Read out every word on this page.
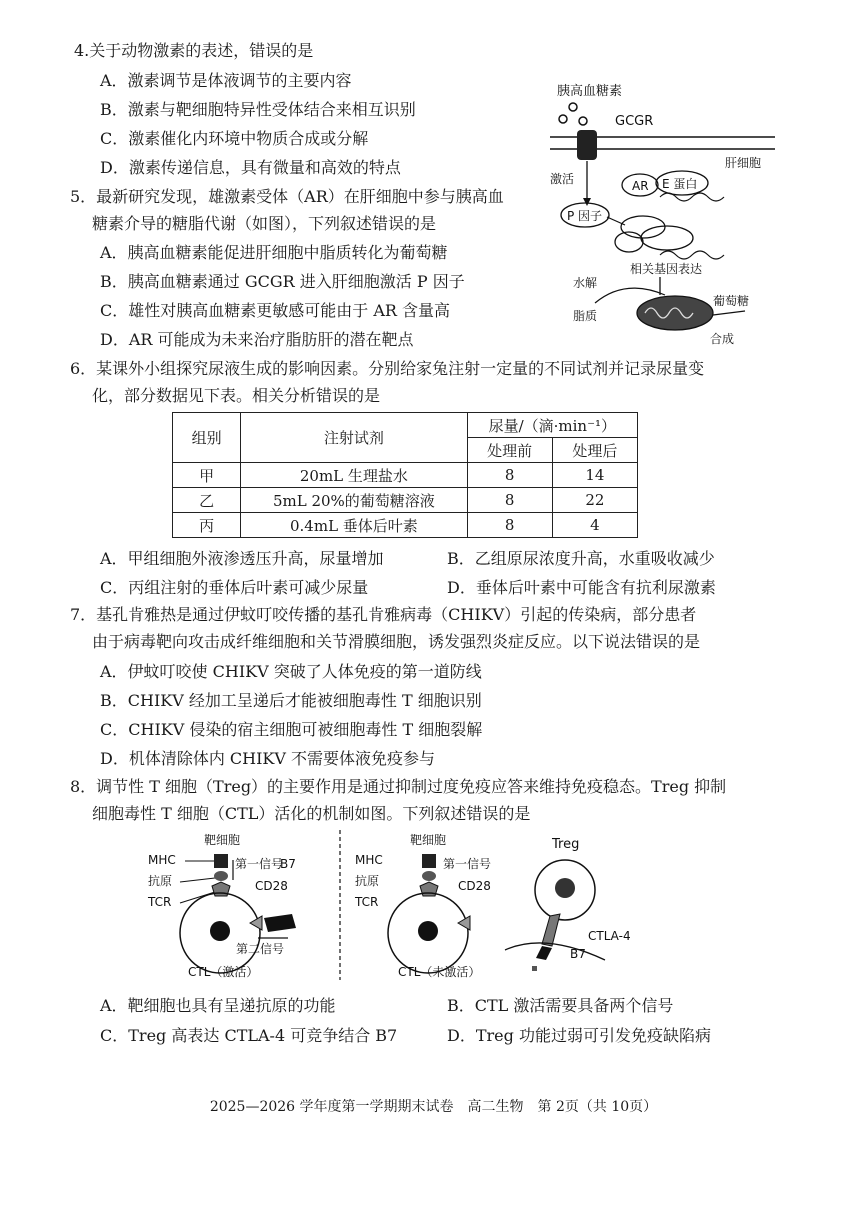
4.关于动物激素的表述，错误的是
A．激素调节是体液调节的主要内容
B．激素与靶细胞特异性受体结合来相互识别
C．激素催化内环境中物质合成或分解
D．激素传递信息，具有微量和高效的特点
5．最新研究发现，雄激素受体（AR）在肝细胞中参与胰高血
糖素介导的糖脂代谢（如图），下列叙述错误的是
A．胰高血糖素能促进肝细胞中脂质转化为葡萄糖
B．胰高血糖素通过 GCGR 进入肝细胞激活 P 因子
C．雄性对胰高血糖素更敏感可能由于 AR 含量高
D．AR 可能成为未来治疗脂肪肝的潜在靶点
胰高血糖素
GCGR
肝细胞
激活	AR E 蛋白
P 因子
相关基因表达
水解
脂质
葡萄糖
合成
6．某课外小组探究尿液生成的影响因素。分别给家兔注射一定量的不同试剂并记录尿量变
化，部分数据见下表。相关分析错误的是
组别	注射试剂	尿量/（滴·min⁻¹）	
		处理前	处理后
甲	20mL 生理盐水	8	14
乙	5mL 20%的葡萄糖溶液	8	22
丙	0.4mL 垂体后叶素	8	4
A．甲组细胞外液渗透压升高，尿量增加	B．乙组原尿浓度升高，水重吸收减少
C．丙组注射的垂体后叶素可减少尿量	D．垂体后叶素中可能含有抗利尿激素
7．基孔肯雅热是通过伊蚊叮咬传播的基孔肯雅病毒（CHIKV）引起的传染病，部分患者
由于病毒靶向攻击成纤维细胞和关节滑膜细胞，诱发强烈炎症反应。以下说法错误的是
A．伊蚊叮咬使 CHIKV 突破了人体免疫的第一道防线
B．CHIKV 经加工呈递后才能被细胞毒性 T 细胞识别
C．CHIKV 侵染的宿主细胞可被细胞毒性 T 细胞裂解
D．机体清除体内 CHIKV 不需要体液免疫参与
8．调节性 T 细胞（Treg）的主要作用是通过抑制过度免疫应答来维持免疫稳态。Treg 抑制
细胞毒性 T 细胞（CTL）活化的机制如图。下列叙述错误的是
靶细胞
MHC
抗原
TCR
第一信号
CD28
B7
第二信号
CTL（激活）
靶细胞
MHC
抗原
TCR
第一信号
CD28
CTL（未激活）
Treg
CTLA-4
B7
A．靶细胞也具有呈递抗原的功能	B．CTL 激活需要具备两个信号
C．Treg 高表达 CTLA-4 可竞争结合 B7	D．Treg 功能过弱可引发免疫缺陷病
2025—2026 学年度第一学期期末试卷　高二生物　第 2页（共 10页）
